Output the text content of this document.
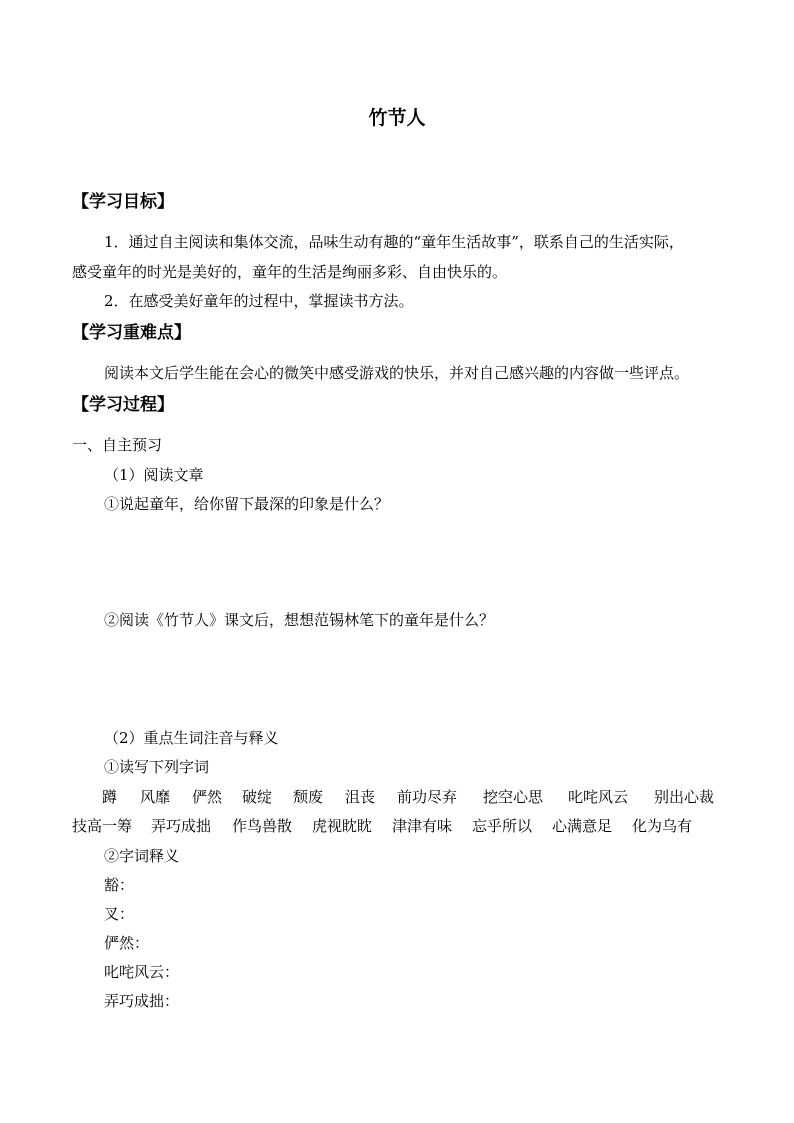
竹节人
【学习目标】
1．通过自主阅读和集体交流，品味生动有趣的“童年生活故事”，联系自己的生活实际，
感受童年的时光是美好的，童年的生活是绚丽多彩、自由快乐的。
2．在感受美好童年的过程中，掌握读书方法。
【学习重难点】
阅读本文后学生能在会心的微笑中感受游戏的快乐，并对自己感兴趣的内容做一些评点。
【学习过程】
一、自主预习
（1）阅读文章
①说起童年，给你留下最深的印象是什么？
②阅读《竹节人》课文后，想想范锡林笔下的童年是什么？
（2）重点生词注音与释义
①读写下列字词
蹲 风靡 俨然 破绽 颓废 沮丧 前功尽弃 挖空心思 叱咤风云 别出心裁
技高一筹 弄巧成拙 作鸟兽散 虎视眈眈 津津有味 忘乎所以 心满意足 化为乌有
②字词释义
豁：
叉：
俨然：
叱咤风云：
弄巧成拙：
